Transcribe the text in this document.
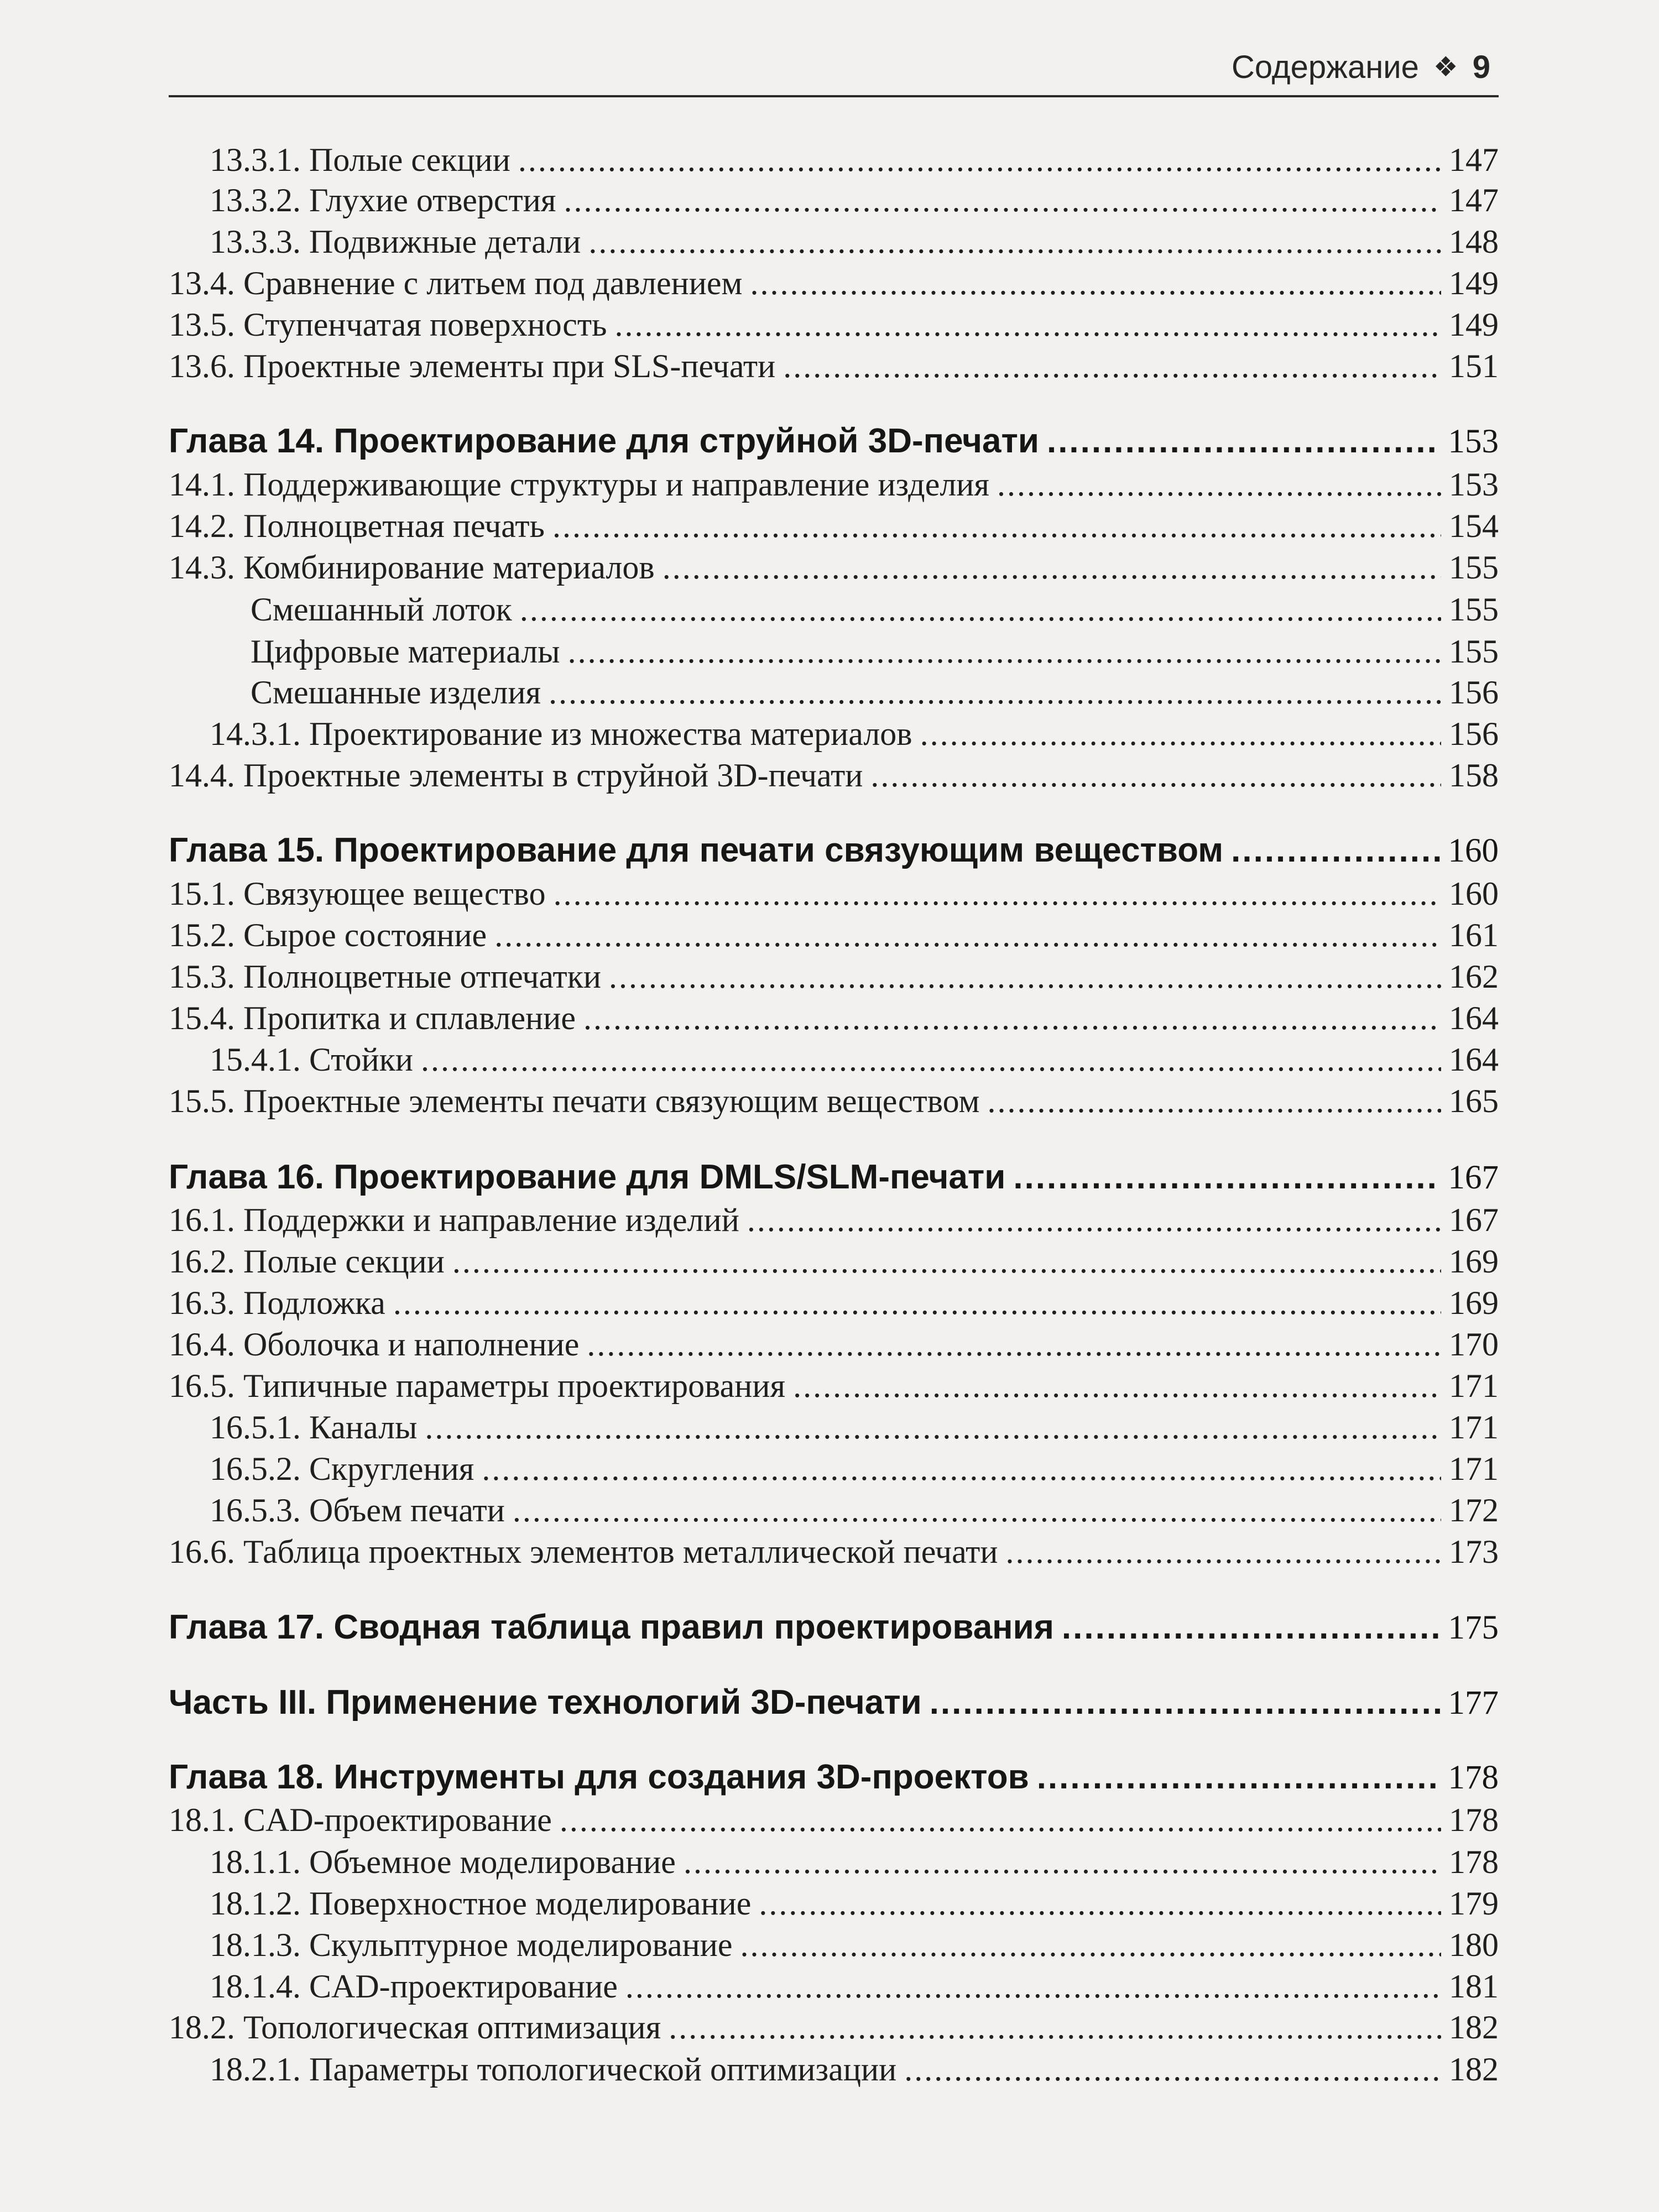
Содержание ❖ 9
13.3.1. Полые секции .....	147
13.3.2. Глухие отверстия .....	147
13.3.3. Подвижные детали .....	148
13.4. Сравнение с литьем под давлением .....	149
13.5. Ступенчатая поверхность .....	149
13.6. Проектные элементы при SLS-печати .....	151
Глава 14. Проектирование для струйной 3D-печати .....	153
14.1. Поддерживающие структуры и направление изделия .....	153
14.2. Полноцветная печать .....	154
14.3. Комбинирование материалов .....	155
Смешанный лоток .....	155
Цифровые материалы .....	155
Смешанные изделия .....	156
14.3.1. Проектирование из множества материалов .....	156
14.4. Проектные элементы в струйной 3D-печати .....	158
Глава 15. Проектирование для печати связующим веществом .....	160
15.1. Связующее вещество .....	160
15.2. Сырое состояние .....	161
15.3. Полноцветные отпечатки .....	162
15.4. Пропитка и сплавление .....	164
15.4.1. Стойки .....	164
15.5. Проектные элементы печати связующим веществом .....	165
Глава 16. Проектирование для DMLS/SLM-печати .....	167
16.1. Поддержки и направление изделий .....	167
16.2. Полые секции .....	169
16.3. Подложка .....	169
16.4. Оболочка и наполнение .....	170
16.5. Типичные параметры проектирования .....	171
16.5.1. Каналы .....	171
16.5.2. Скругления .....	171
16.5.3. Объем печати .....	172
16.6. Таблица проектных элементов металлической печати .....	173
Глава 17. Сводная таблица правил проектирования .....	175
Часть III. Применение технологий 3D-печати .....	177
Глава 18. Инструменты для создания 3D-проектов .....	178
18.1. CAD-проектирование .....	178
18.1.1. Объемное моделирование .....	178
18.1.2. Поверхностное моделирование .....	179
18.1.3. Скульптурное моделирование .....	180
18.1.4. CAD-проектирование .....	181
18.2. Топологическая оптимизация .....	182
18.2.1. Параметры топологической оптимизации .....	182
